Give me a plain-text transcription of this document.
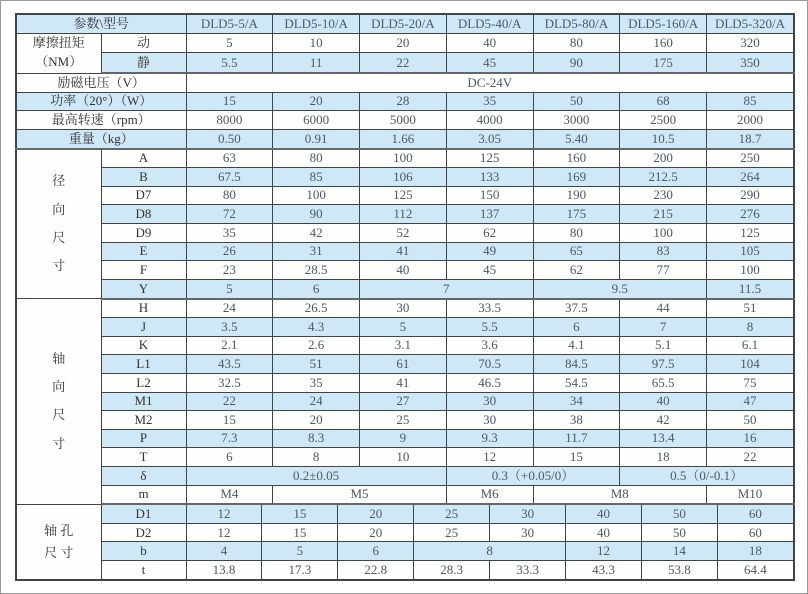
参数\型号		DLD5-5/A		DLD5-10/A		DLD5-20/A		DLD5-40/A		DLD5-80/A		DLD5-160/A		DLD5-320/A	

摩擦扭矩
（NM）	动	5		10		20		40		80		160		320	
	静	5.5		11		22		45		90		175		350	
励磁电压（V）		DC-24V													
功率（20°）（W）		15		20		28		35		50		68		85	
最高转速（rpm）		8000		6000		5000		4000		3000		2500		2000	
重量（kg）		0.50		0.91		1.66		3.05		5.40		10.5		18.7	

径
向
尺
寸	A	63		80		100		125		160		200		250	
	B	67.5		85		106		133		169		212.5		264	
	D7	80		100		125		150		190		230		290	
	D8	72		90		112		137		175		215		276	
	D9	35		42		52		62		80		100		125	
	E	26		31		41		49		65		83		105	
	F	23		28.5		40		45		62		77		100	
	Y	5		6		7				9.5				11.5	

轴
向
尺
寸	H	24		26.5		30		33.5		37.5		44		51	
	J	3.5		4.3		5		5.5		6		7		8	
	K	2.1		2.6		3.1		3.6		4.1		5.1		6.1	
	L1	43.5		51		61		70.5		84.5		97.5		104	
	L2	32.5		35		41		46.5		54.5		65.5		75	
	M1	22		24		27		30		34		40		47	
	M2	15		20		25		30		38		42		50	
	P	7.3		8.3		9		9.3		11.7		13.4		16	
	T	6		8		10		12		15		18		22	
	δ	0.2±0.05						0.3（+0.05/0）				0.5（0/-0.1）			
	m	M4		M5				M6		M8				M10	

轴 孔
尺 寸	D1	12	15		20		25		30		40		50		60
	D2	12	15		20		25		30		40		50		60
	b	4	5		6		8				12		14		18
	t	13.8	17.3		22.8		28.3		33.3		43.3		53.8		64.4
